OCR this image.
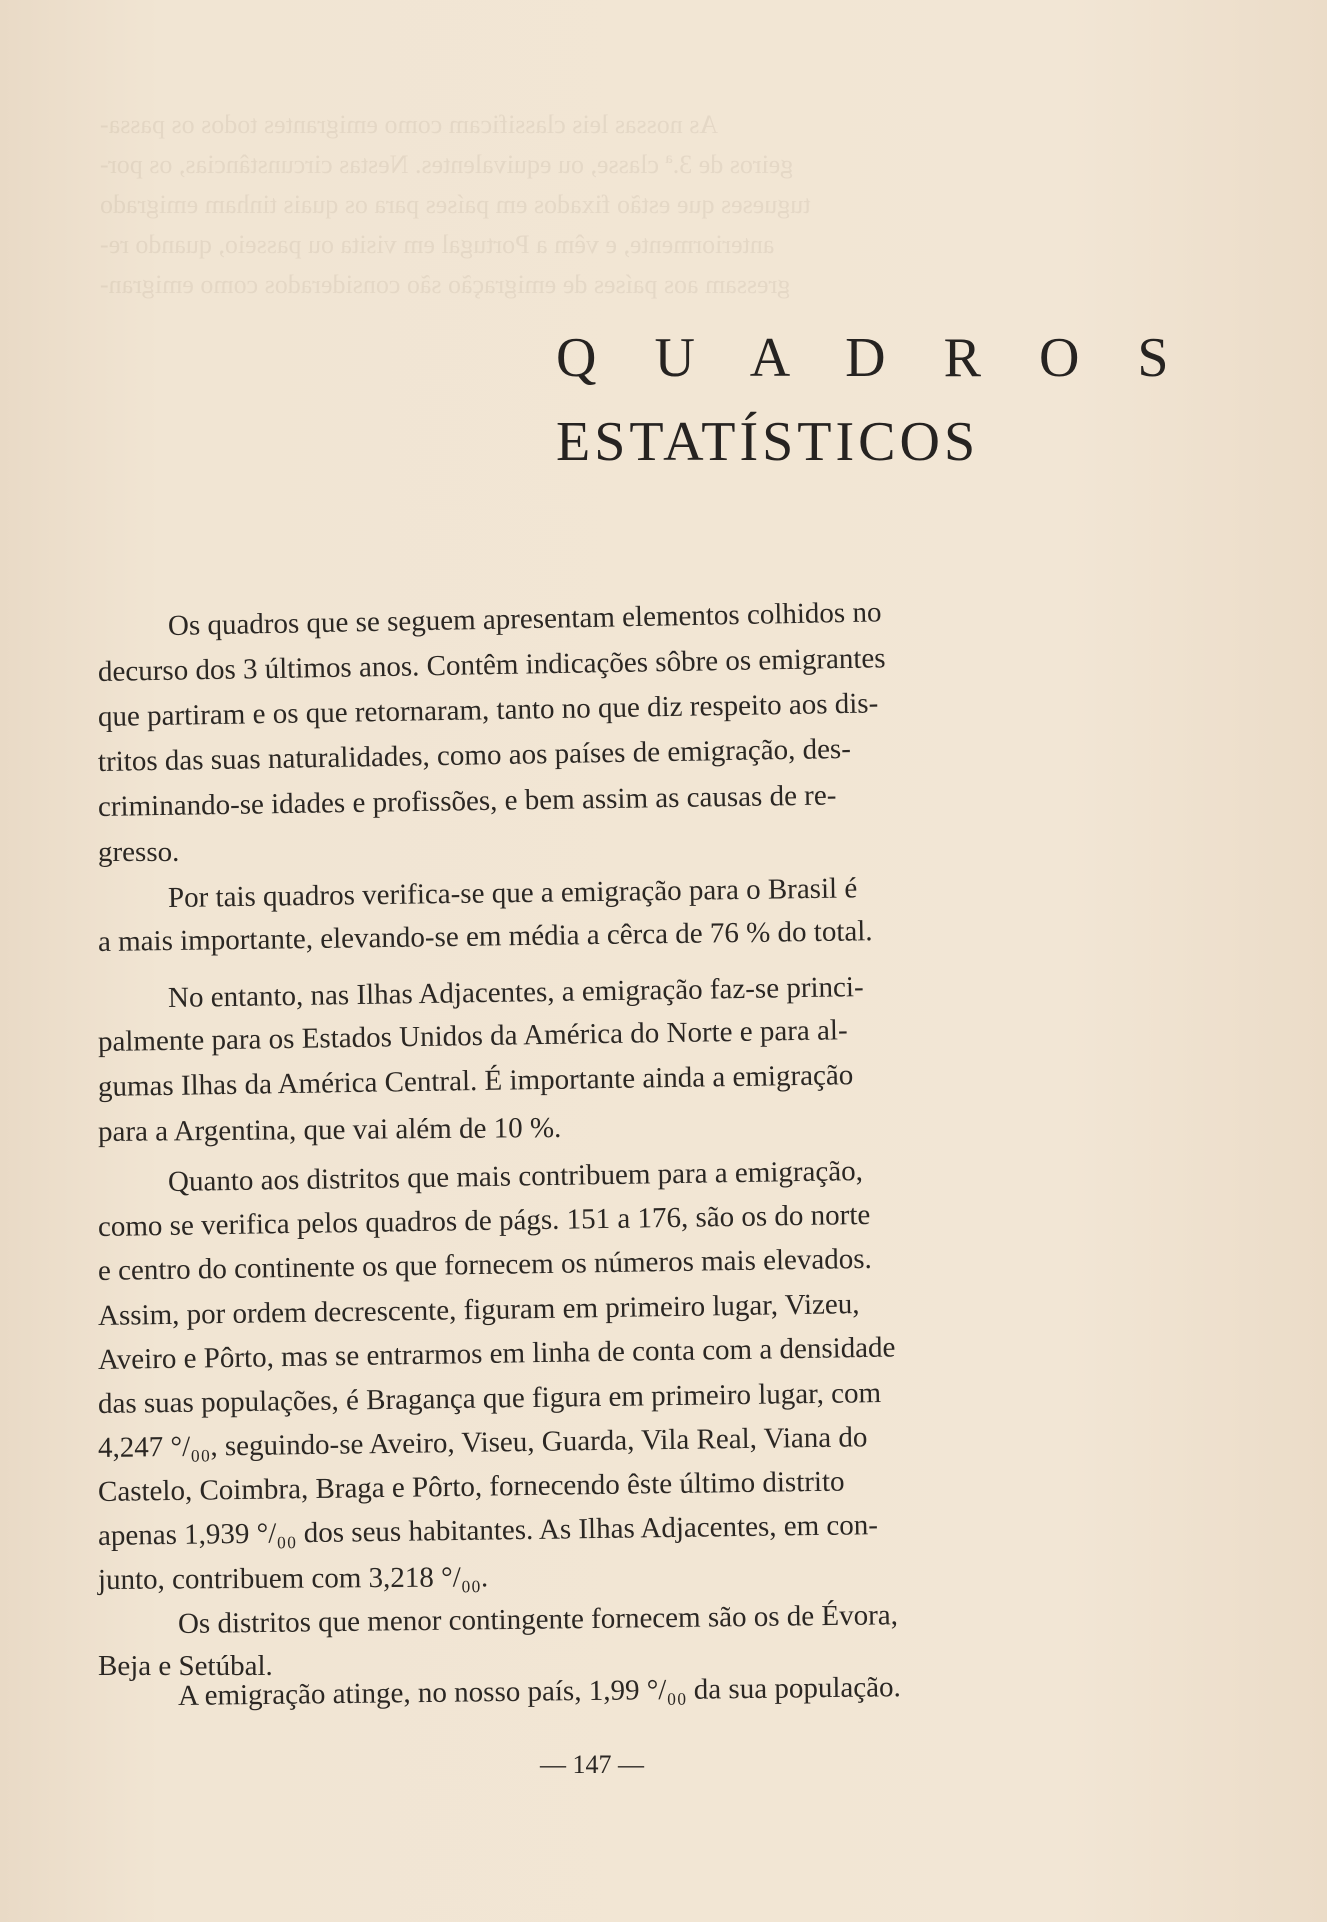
As nossas leis classificam como emigrantes todos os passa-
geiros de 3.ª classe, ou equivalentes. Nestas circunstâncias, os por-
tugueses que estão fixados em países para os quais tinham emigrado
anteriormente, e vêm a Portugal em visita ou passeio, quando re-
gressam aos países de emigração são considerados como emigran-
Q U A D R O S
ESTATÍSTICOS
Os quadros que se seguem apresentam elementos colhidos no
decurso dos 3 últimos anos. Contêm indicações sôbre os emigrantes
que partiram e os que retornaram, tanto no que diz respeito aos dis-
tritos das suas naturalidades, como aos países de emigração, des-
criminando-se idades e profissões, e bem assim as causas de re-
gresso.
Por tais quadros verifica-se que a emigração para o Brasil é
a mais importante, elevando-se em média a cêrca de 76 % do total.
No entanto, nas Ilhas Adjacentes, a emigração faz-se princi-
palmente para os Estados Unidos da América do Norte e para al-
gumas Ilhas da América Central. É importante ainda a emigração
para a Argentina, que vai além de 10 %.
Quanto aos distritos que mais contribuem para a emigração,
como se verifica pelos quadros de págs. 151 a 176, são os do norte
e centro do continente os que fornecem os números mais elevados.
Assim, por ordem decrescente, figuram em primeiro lugar, Vizeu,
Aveiro e Pôrto, mas se entrarmos em linha de conta com a densidade
das suas populações, é Bragança que figura em primeiro lugar, com
4,247 °/₀₀, seguindo-se Aveiro, Viseu, Guarda, Vila Real, Viana do
Castelo, Coimbra, Braga e Pôrto, fornecendo êste último distrito
apenas 1,939 °/₀₀ dos seus habitantes. As Ilhas Adjacentes, em con-
junto, contribuem com 3,218 °/₀₀.
Os distritos que menor contingente fornecem são os de Évora,
Beja e Setúbal.
A emigração atinge, no nosso país, 1,99 °/₀₀ da sua população.
— 147 —
